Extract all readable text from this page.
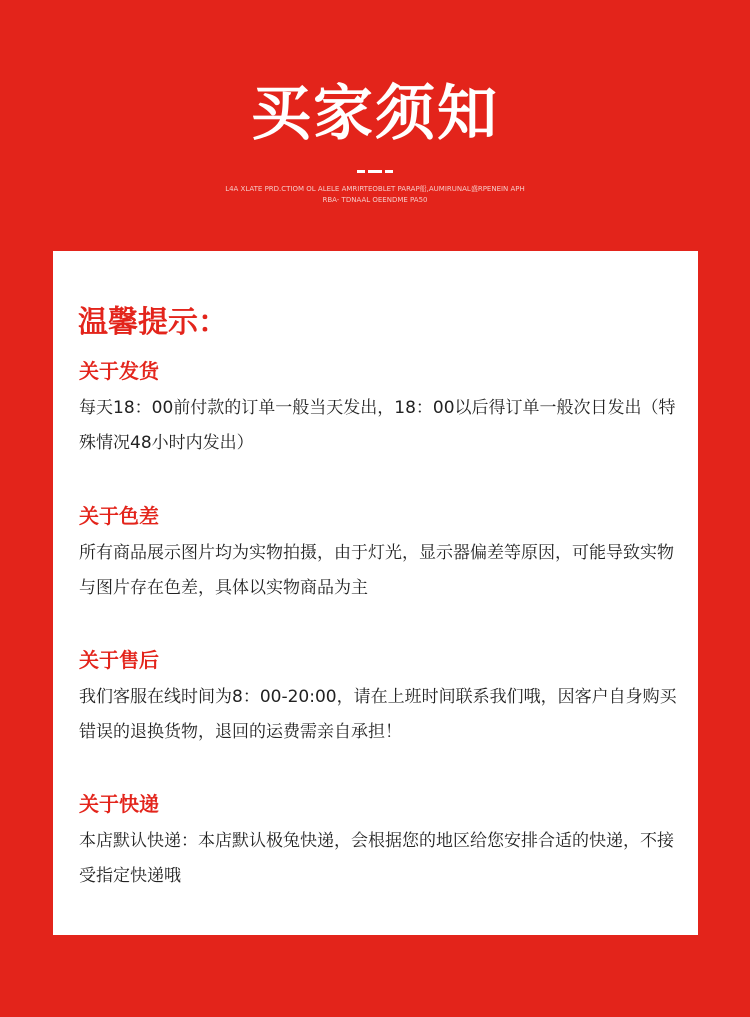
买家须知
L4A XLATE PRD.CTIOM OL ALELE AMRIRTEOBLET PARAP船,AUMIRUNAL盛RPENEIN APHRBA- TDNAAL OEENDME PA50
温馨提示：
关于发货
每天18：00前付款的订单一般当天发出，18：00以后得订单一般次日发出（特殊情况48小时内发出）
关于色差
所有商品展示图片均为实物拍摄，由于灯光，显示器偏差等原因，可能导致实物与图片存在色差，具体以实物商品为主
关于售后
我们客服在线时间为8：00-20:00，请在上班时间联系我们哦，因客户自身购买错误的退换货物，退回的运费需亲自承担！
关于快递
本店默认快递：本店默认极兔快递，会根据您的地区给您安排合适的快递，不接受指定快递哦
